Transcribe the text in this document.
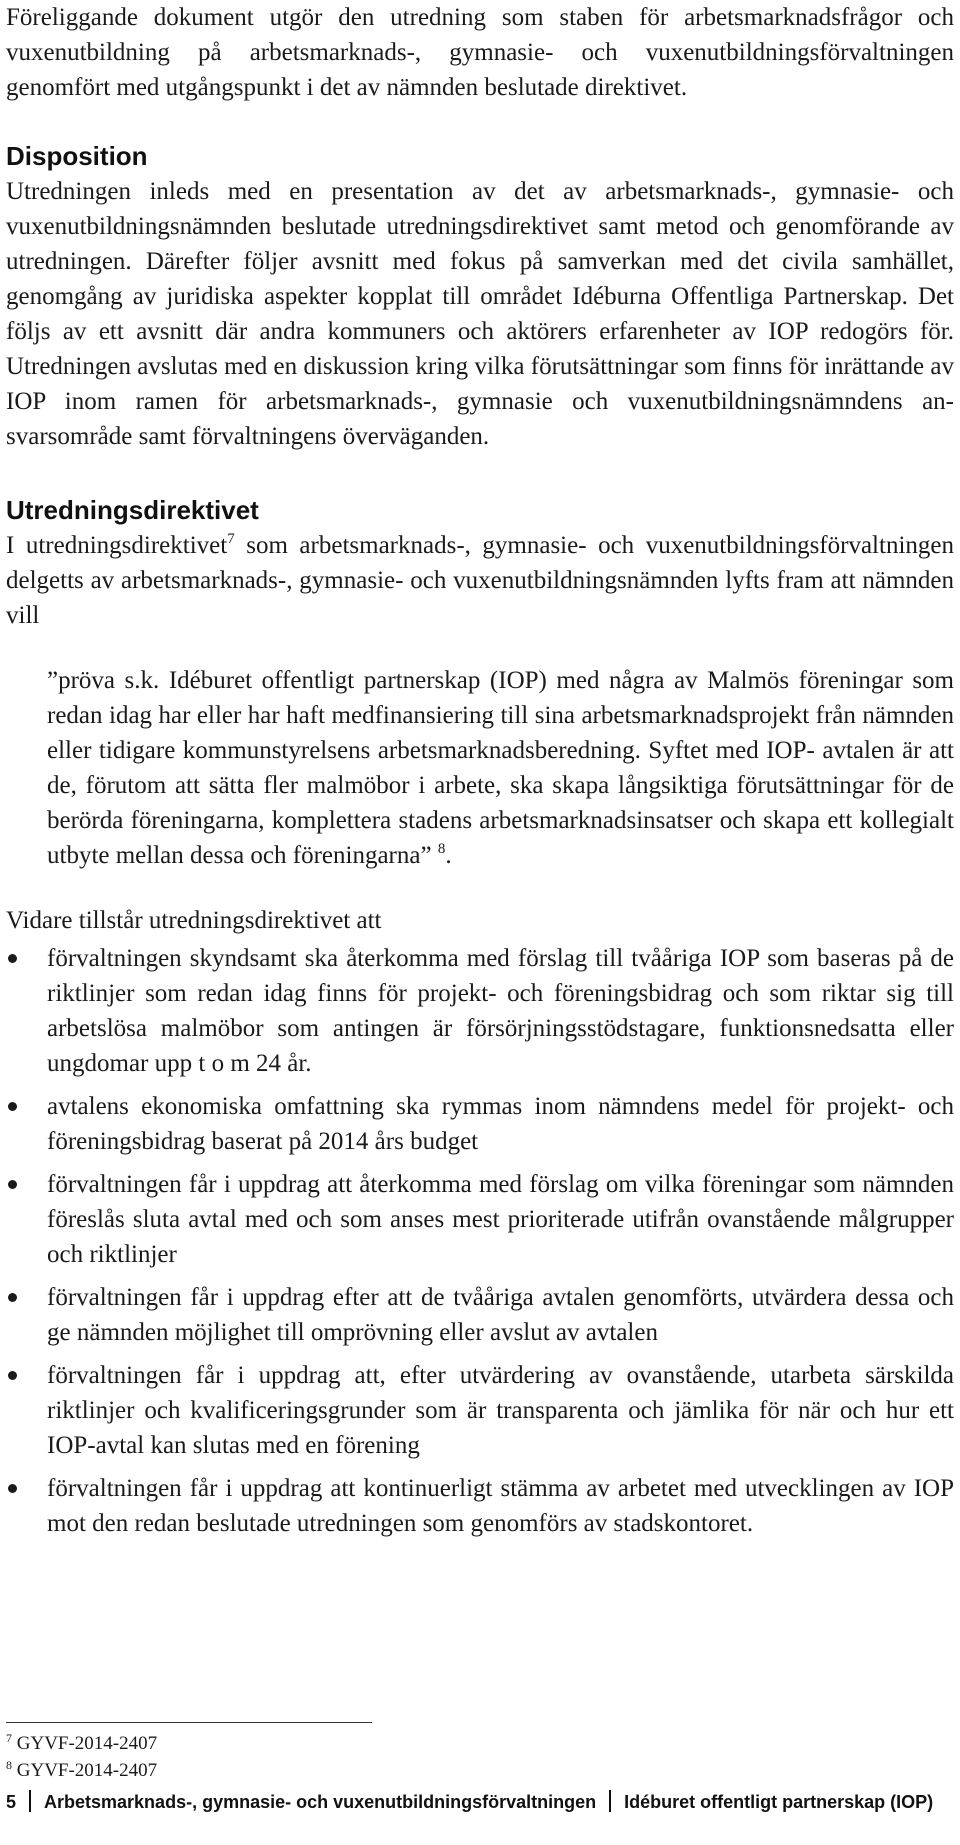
Föreliggande dokument utgör den utredning som staben för arbetsmarknadsfrågor och vuxenutbildning på arbetsmarknads-, gymnasie- och vuxenutbildningsförvaltningen genomfört med utgångspunkt i det av nämnden beslutade direktivet.

Disposition

Utredningen inleds med en presentation av det av arbetsmarknads-, gymnasie- och vuxenutbildningsnämnden beslutade utredningsdirektivet samt metod och genomförande av utredningen. Därefter följer avsnitt med fokus på samverkan med det civila samhället, genomgång av juridiska aspekter kopplat till området Idéburna Offentliga Partnerskap. Det följs av ett avsnitt där andra kommuners och aktörers erfarenheter av IOP redogörs för. Utredningen avslutas med en diskussion kring vilka förutsättningar som finns för inrättande av IOP inom ramen för arbetsmarknads-, gymnasie och vuxenutbildningsnämndens ansvarsområde samt förvaltningens överväganden.

Utredningsdirektivet

I utredningsdirektivet$^7$ som arbetsmarknads-, gymnasie- och vuxenutbildningsförvaltningen delgetts av arbetsmarknads-, gymnasie- och vuxenutbildningsnämnden lyfts fram att nämnden vill

”pröva s.k. Idéburet offentligt partnerskap (IOP) med några av Malmös föreningar som redan idag har eller har haft medfinansiering till sina arbetsmarknadsprojekt från nämnden eller tidigare kommunstyrelsens arbetsmarknadsberedning. Syftet med IOP- avtalen är att de, förutom att sätta fler malmöbor i arbete, ska skapa långsiktiga förutsättningar för de berörda föreningarna, komplettera stadens arbetsmarknadsinsatser och skapa ett kollegialt utbyte mellan dessa och föreningarna” $^8$.

Vidare tillstår utredningsdirektivet att

förvaltningen skyndsamt ska återkomma med förslag till tvååriga IOP som baseras på de riktlinjer som redan idag finns för projekt- och föreningsbidrag och som riktar sig till arbetslösa malmöbor som antingen är försörjningsstödstagare, funktionsnedsatta eller ungdomar upp t o m 24 år.
avtalens ekonomiska omfattning ska rymmas inom nämndens medel för projekt- och föreningsbidrag baserat på 2014 års budget
förvaltningen får i uppdrag att återkomma med förslag om vilka föreningar som nämnden föreslås sluta avtal med och som anses mest prioriterade utifrån ovanstående målgrupper och riktlinjer
förvaltningen får i uppdrag efter att de tvååriga avtalen genomförts, utvärdera dessa och ge nämnden möjlighet till omprövning eller avslut av avtalen
förvaltningen får i uppdrag att, efter utvärdering av ovanstående, utarbeta särskilda riktlinjer och kvalificeringsgrunder som är transparenta och jämlika för när och hur ett IOP-avtal kan slutas med en förening
förvaltningen får i uppdrag att kontinuerligt stämma av arbetet med utvecklingen av IOP mot den redan beslutade utredningen som genomförs av stadskontoret.
$^7$ GYVF-2014-2407
$^8$ GYVF-2014-2407
5 Arbetsmarknads-, gymnasie- och vuxenutbildningsförvaltningen Idéburet offentligt partnerskap (IOP)
